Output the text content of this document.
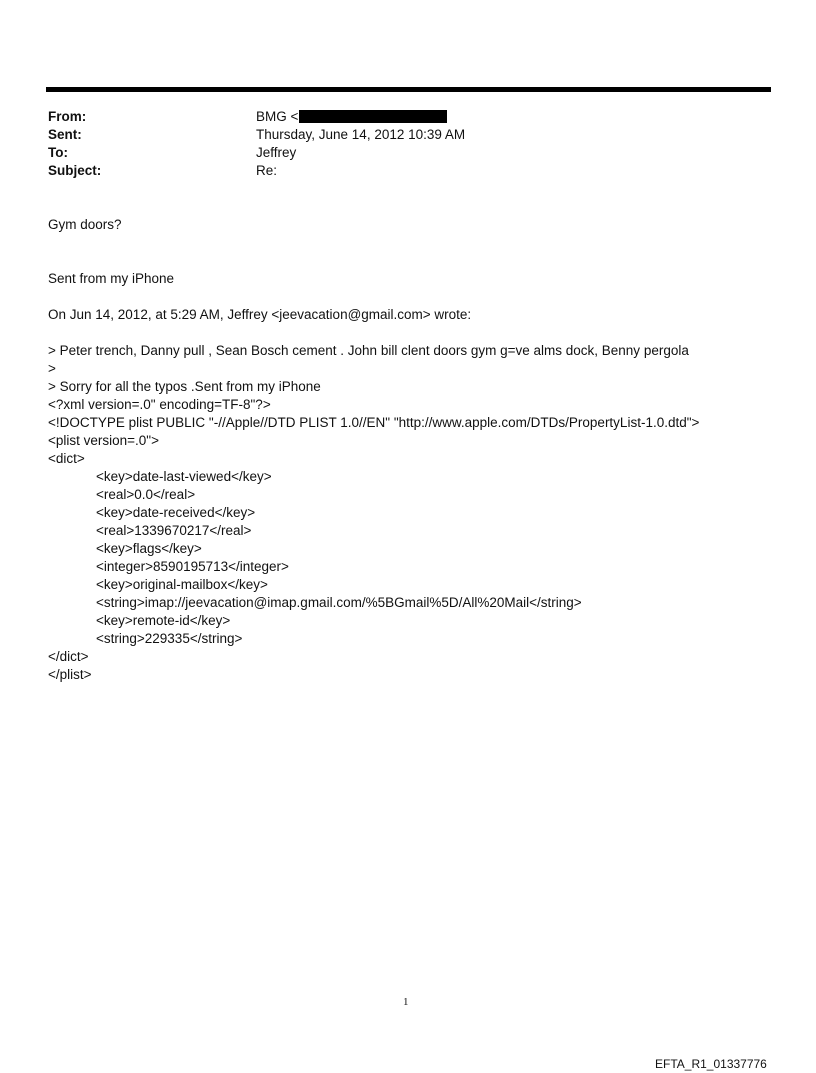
From:	BMG <
Sent:	Thursday, June 14, 2012 10:39 AM
To:	Jeffrey
Subject:	Re:
Gym doors?
Sent from my iPhone
On Jun 14, 2012, at 5:29 AM, Jeffrey <jeevacation@gmail.com> wrote:
> Peter trench, Danny pull , Sean Bosch cement . John bill clent doors gym g=ve alms dock, Benny pergola
>
> Sorry for all the typos .Sent from my iPhone
<?xml version=.0" encoding=TF-8"?>
<!DOCTYPE plist PUBLIC "-//Apple//DTD PLIST 1.0//EN" "http://www.apple.com/DTDs/PropertyList-1.0.dtd">
<plist version=.0">
<dict>
<key>date-last-viewed</key>
<real>0.0</real>
<key>date-received</key>
<real>1339670217</real>
<key>flags</key>
<integer>8590195713</integer>
<key>original-mailbox</key>
<string>imap://jeevacation@imap.gmail.com/%5BGmail%5D/All%20Mail</string>
<key>remote-id</key>
<string>229335</string>
</dict>
</plist>
1
EFTA_R1_01337776
